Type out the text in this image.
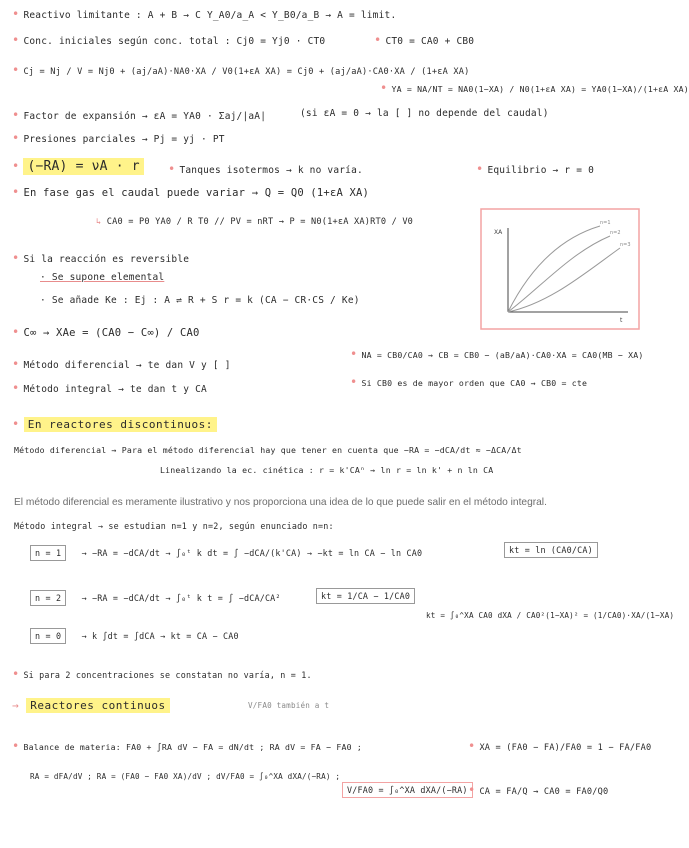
• Reactivo limitante : A + B → C Y_A0/a_A < Y_B0/a_B → A = limit.
• Conc. iniciales según conc. total : Cj0 = Yj0 · CT0	• CT0 = CA0 + CB0
• Cj = Nj / V = Nj0 + (aj/aA)·NA0·XA / V0(1+εA XA) = Cj0 + (aj/aA)·CA0·XA / (1+εA XA)
• YA = NA/NT = NA0(1−XA) / N0(1+εA XA) = YA0(1−XA)/(1+εA XA)
• Factor de expansión → εA = YA0 · Σaj/|aA|	(si εA = 0 → la [ ] no depende del caudal)
• Presiones parciales → Pj = yj · PT
• (−RA) = νA · r	• Tanques isotermos → k no varía.	• Equilibrio → r = 0
• En fase gas el caudal puede variar → Q = Q0 (1+εA XA)
↳ CA0 = P0 YA0 / R T0 // PV = nRT → P = N0(1+εA XA)RT0 / V0
XA
t
n=1
n=2
n=3
• Si la reacción es reversible
· Se supone elemental
· Se añade Ke : Ej : A ⇌ R + S r = k (CA − CR·CS / Ke)
• C∞ → XAe = (CA0 − C∞) / CA0
• NA = CB0/CA0 → CB = CB0 − (aB/aA)·CA0·XA = CA0(MB − XA)
• Método diferencial → te dan V y [ ]
• Si CB0 es de mayor orden que CA0 → CB0 = cte
• Método integral → te dan t y CA
• En reactores discontinuos:
Método diferencial → Para el método diferencial hay que tener en cuenta que −RA = −dCA/dt ≈ −ΔCA/Δt
Linealizando la ec. cinética : r = k'CAⁿ → ln r = ln k' + n ln CA
El método diferencial es meramente ilustrativo y nos proporciona una idea de lo que puede salir en el método integral.
Método integral → se estudian n=1 y n=2, según enunciado n=n:
n = 1 → −RA = −dCA/dt → ∫₀ᵗ k dt = ∫ −dCA/(k'CA) → −kt = ln CA − ln CA0	kt = ln (CA0/CA)
n = 2 → −RA = −dCA/dt → ∫₀ᵗ k t = ∫ −dCA/CA²	kt = 1/CA − 1/CA0
kt = ∫₀^XA CA0 dXA / CA0²(1−XA)² = (1/CA0)·XA/(1−XA)
n = 0 → k ∫dt = ∫dCA → kt = CA − CA0
• Si para 2 concentraciones se constatan no varía, n = 1.
→ Reactores continuos	V/FA0 también a t
• Balance de materia: FA0 + ∫RA dV − FA = dN/dt ; RA dV = FA − FA0 ;	• XA = (FA0 − FA)/FA0 = 1 − FA/FA0
RA = dFA/dV ; RA = (FA0 − FA0 XA)/dV ; dV/FA0 = ∫₀^XA dXA/(−RA) ;
V/FA0 = ∫₀^XA dXA/(−RA) • CA = FA/Q → CA0 = FA0/Q0
